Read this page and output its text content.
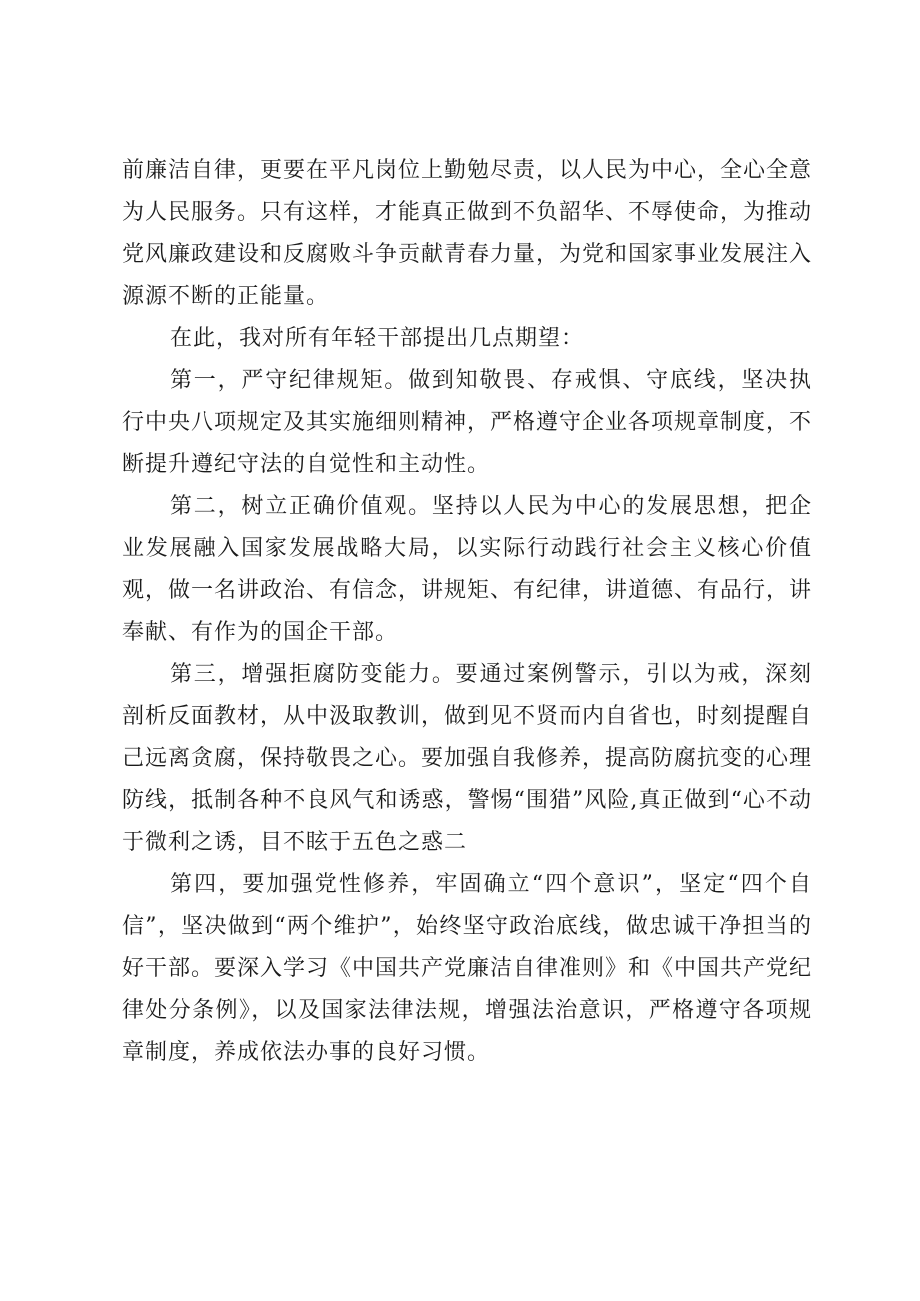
前廉洁自律，更要在平凡岗位上勤勉尽责，以人民为中心，全心全意为人民服务。只有这样，才能真正做到不负韶华、不辱使命，为推动党风廉政建设和反腐败斗争贡献青春力量，为党和国家事业发展注入源源不断的正能量。

在此，我对所有年轻干部提出几点期望：

第一，严守纪律规矩。做到知敬畏、存戒惧、守底线，坚决执行中央八项规定及其实施细则精神，严格遵守企业各项规章制度，不断提升遵纪守法的自觉性和主动性。

第二，树立正确价值观。坚持以人民为中心的发展思想，把企业发展融入国家发展战略大局，以实际行动践行社会主义核心价值观，做一名讲政治、有信念，讲规矩、有纪律，讲道德、有品行，讲奉献、有作为的国企干部。

第三，增强拒腐防变能力。要通过案例警示，引以为戒，深刻剖析反面教材，从中汲取教训，做到见不贤而内自省也，时刻提醒自己远离贪腐，保持敬畏之心。要加强自我修养，提高防腐抗变的心理防线，抵制各种不良风气和诱惑，警惕“围猎”风险,真正做到“心不动于微利之诱，目不眩于五色之惑二

第四，要加强党性修养，牢固确立“四个意识”，坚定“四个自信”，坚决做到“两个维护”，始终坚守政治底线，做忠诚干净担当的好干部。要深入学习《中国共产党廉洁自律准则》和《中国共产党纪律处分条例》，以及国家法律法规，增强法治意识，严格遵守各项规章制度，养成依法办事的良好习惯。
